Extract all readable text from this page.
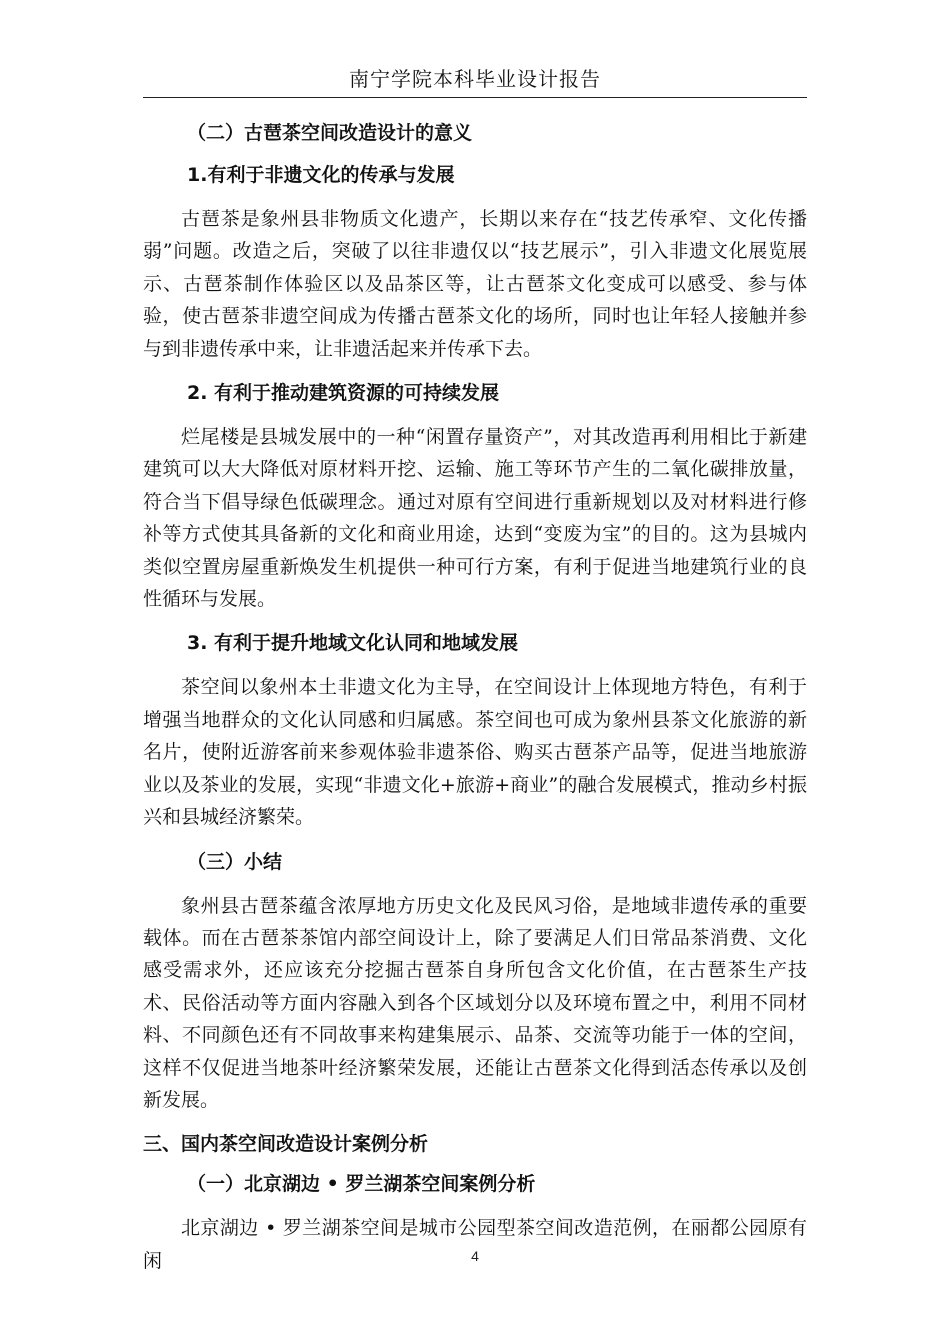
南宁学院本科毕业设计报告
（二）古琶茶空间改造设计的意义
1.有利于非遗文化的传承与发展

古琶茶是象州县非物质文化遗产，长期以来存在“技艺传承窄、文化传播弱”问题。改造之后，突破了以往非遗仅以“技艺展示”，引入非遗文化展览展示、古琶茶制作体验区以及品茶区等，让古琶茶文化变成可以感受、参与体验，使古琶茶非遗空间成为传播古琶茶文化的场所，同时也让年轻人接触并参与到非遗传承中来，让非遗活起来并传承下去。

2. 有利于推动建筑资源的可持续发展

烂尾楼是县城发展中的一种“闲置存量资产”，对其改造再利用相比于新建建筑可以大大降低对原材料开挖、运输、施工等环节产生的二氧化碳排放量，符合当下倡导绿色低碳理念。通过对原有空间进行重新规划以及对材料进行修补等方式使其具备新的文化和商业用途，达到“变废为宝”的目的。这为县城内类似空置房屋重新焕发生机提供一种可行方案，有利于促进当地建筑行业的良性循环与发展。

3. 有利于提升地域文化认同和地域发展

茶空间以象州本土非遗文化为主导，在空间设计上体现地方特色，有利于增强当地群众的文化认同感和归属感。茶空间也可成为象州县茶文化旅游的新名片，使附近游客前来参观体验非遗茶俗、购买古琶茶产品等，促进当地旅游业以及茶业的发展，实现“非遗文化+旅游+商业”的融合发展模式，推动乡村振兴和县城经济繁荣。

（三）小结

象州县古琶茶蕴含浓厚地方历史文化及民风习俗，是地域非遗传承的重要载体。而在古琶茶茶馆内部空间设计上，除了要满足人们日常品茶消费、文化感受需求外，还应该充分挖掘古琶茶自身所包含文化价值，在古琶茶生产技术、民俗活动等方面内容融入到各个区域划分以及环境布置之中，利用不同材料、不同颜色还有不同故事来构建集展示、品茶、交流等功能于一体的空间，这样不仅促进当地茶叶经济繁荣发展，还能让古琶茶文化得到活态传承以及创新发展。

三、国内茶空间改造设计案例分析
（一）北京湖边 • 罗兰湖茶空间案例分析

北京湖边 • 罗兰湖茶空间是城市公园型茶空间改造范例，在丽都公园原有闲	4
